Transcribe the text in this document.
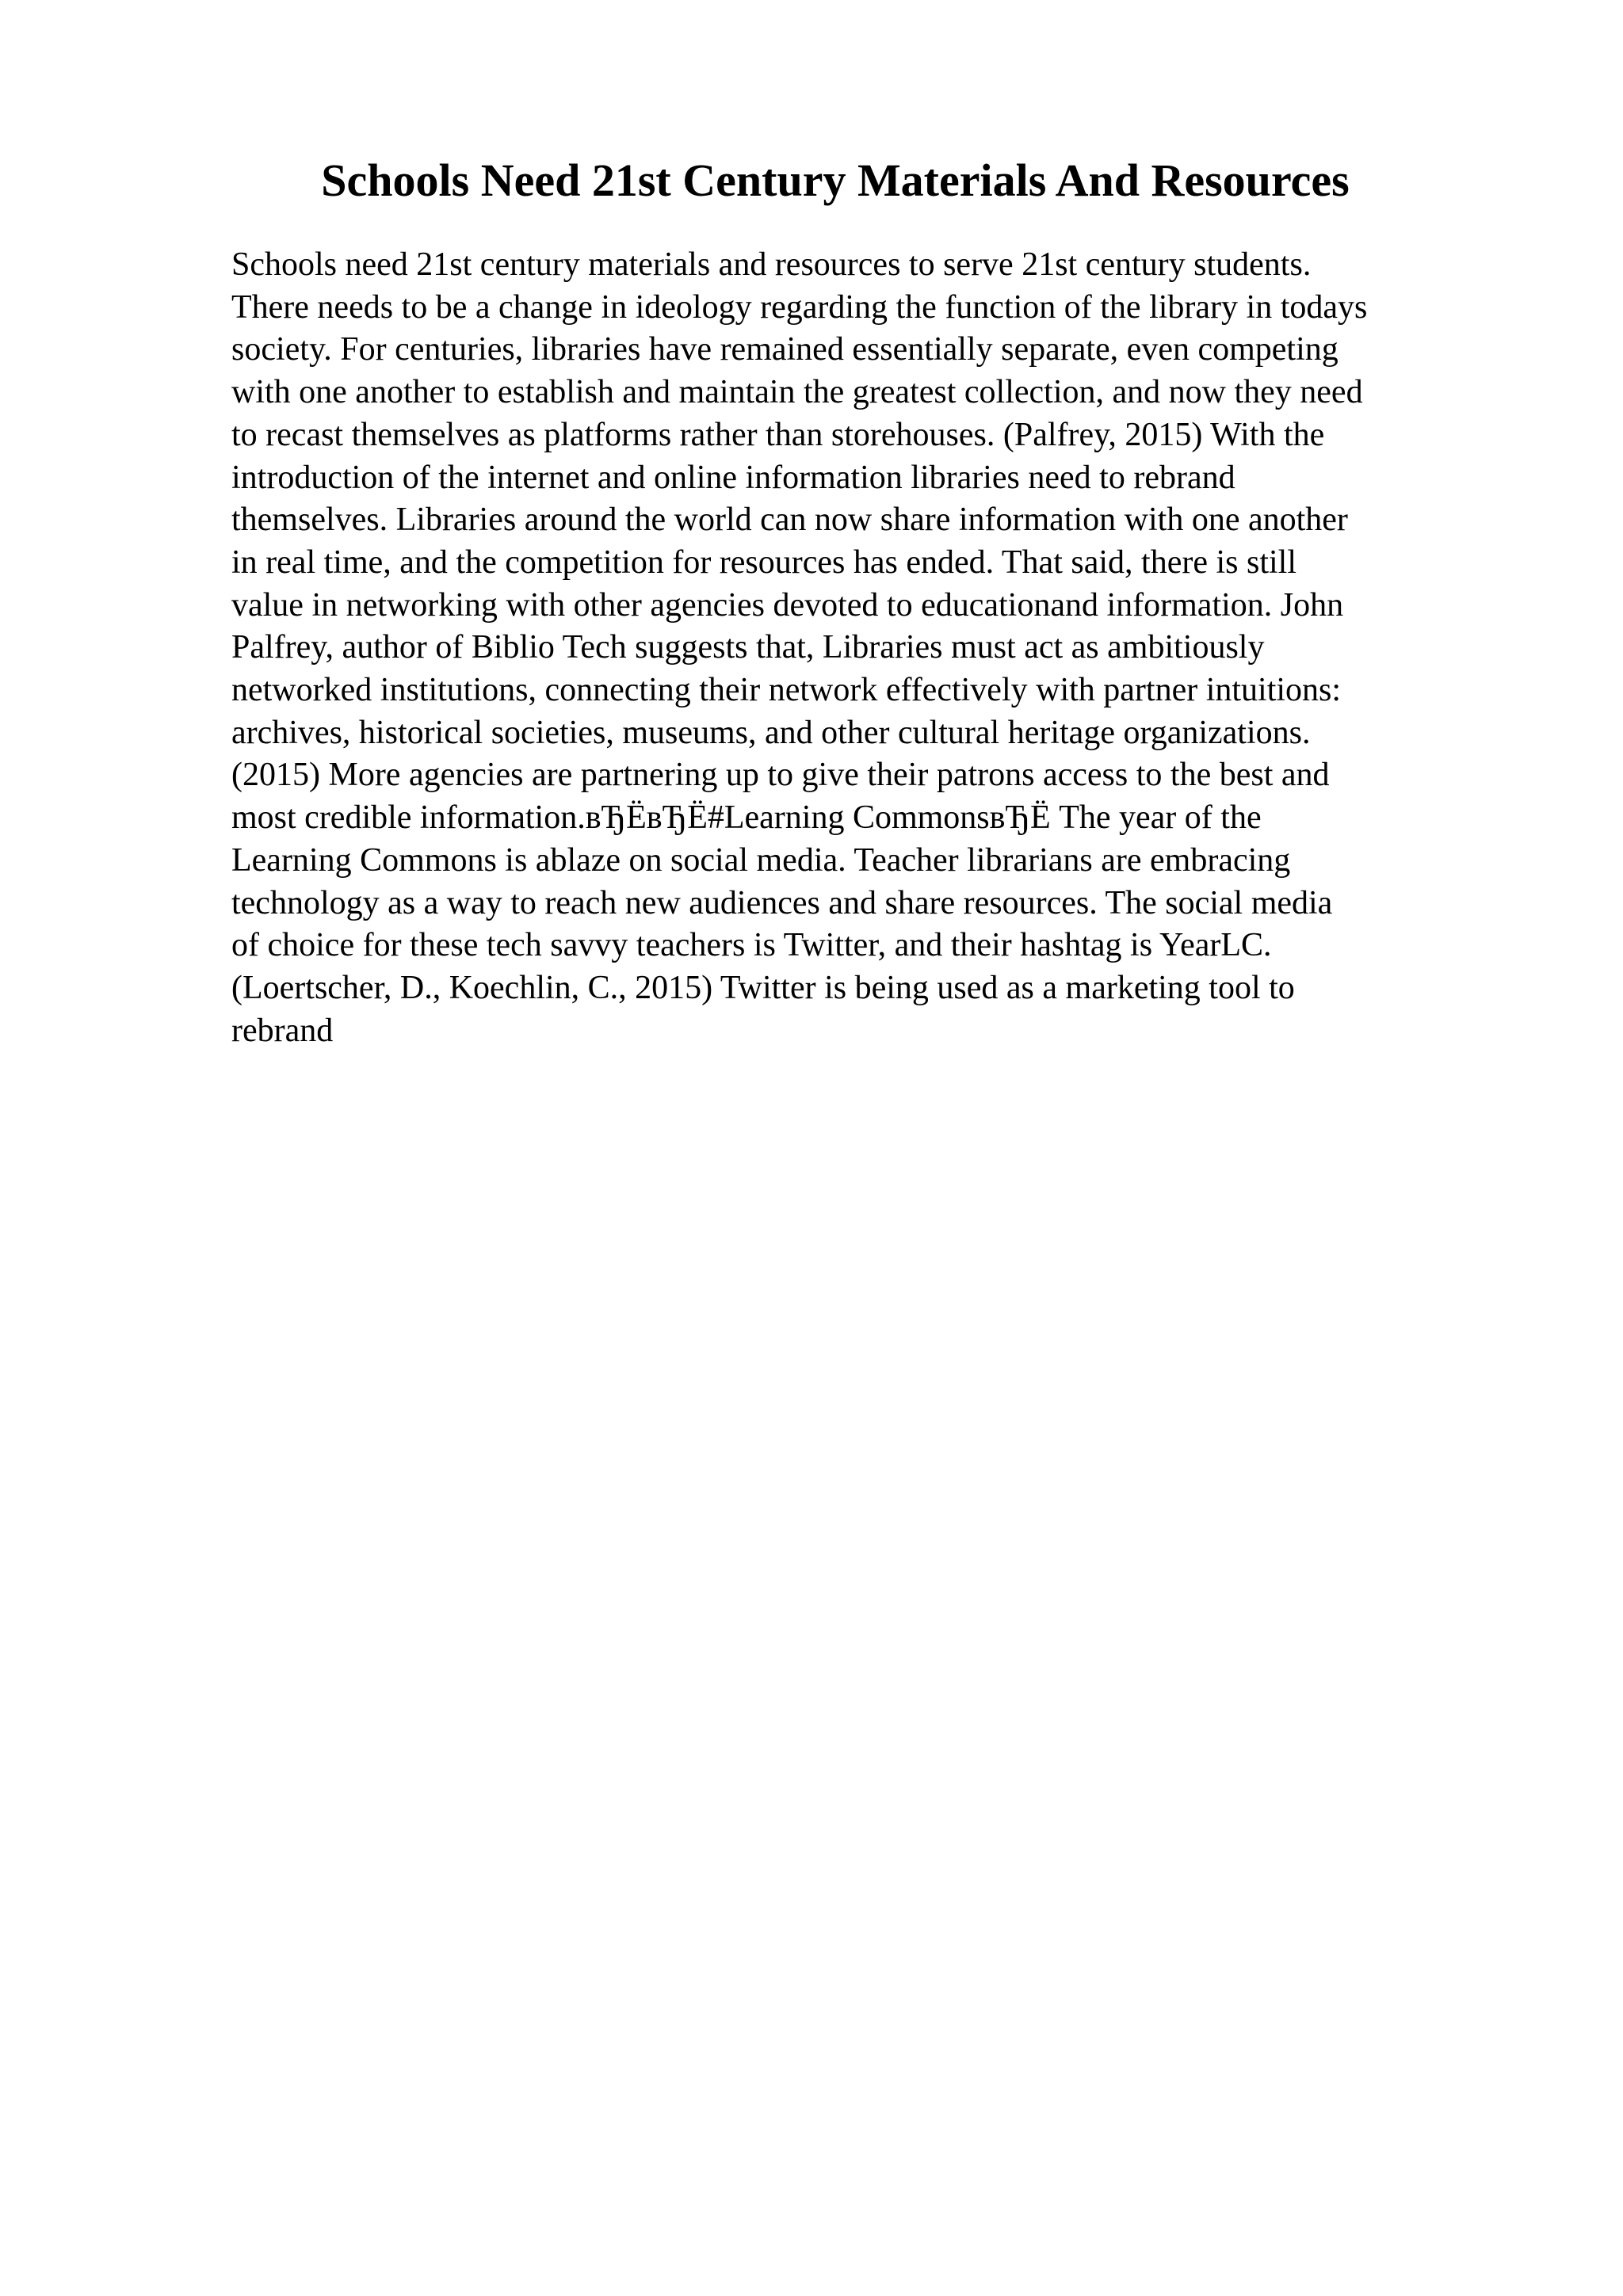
Schools Need 21st Century Materials And Resources
Schools need 21st century materials and resources to serve 21st century students.
There needs to be a change in ideology regarding the function of the library in todays
society. For centuries, libraries have remained essentially separate, even competing
with one another to establish and maintain the greatest collection, and now they need
to recast themselves as platforms rather than storehouses. (Palfrey, 2015) With the
introduction of the internet and online information libraries need to rebrand
themselves. Libraries around the world can now share information with one another
in real time, and the competition for resources has ended. That said, there is still
value in networking with other agencies devoted to educationand information. John
Palfrey, author of Biblio Tech suggests that, Libraries must act as ambitiously
networked institutions, connecting their network effectively with partner intuitions:
archives, historical societies, museums, and other cultural heritage organizations.
(2015) More agencies are partnering up to give their patrons access to the best and
most credible information.вЂЁвЂЁ#Learning CommonsвЂЁ The year of the
Learning Commons is ablaze on social media. Teacher librarians are embracing
technology as a way to reach new audiences and share resources. The social media
of choice for these tech savvy teachers is Twitter, and their hashtag is YearLC.
(Loertscher, D., Koechlin, C., 2015) Twitter is being used as a marketing tool to
rebrand
